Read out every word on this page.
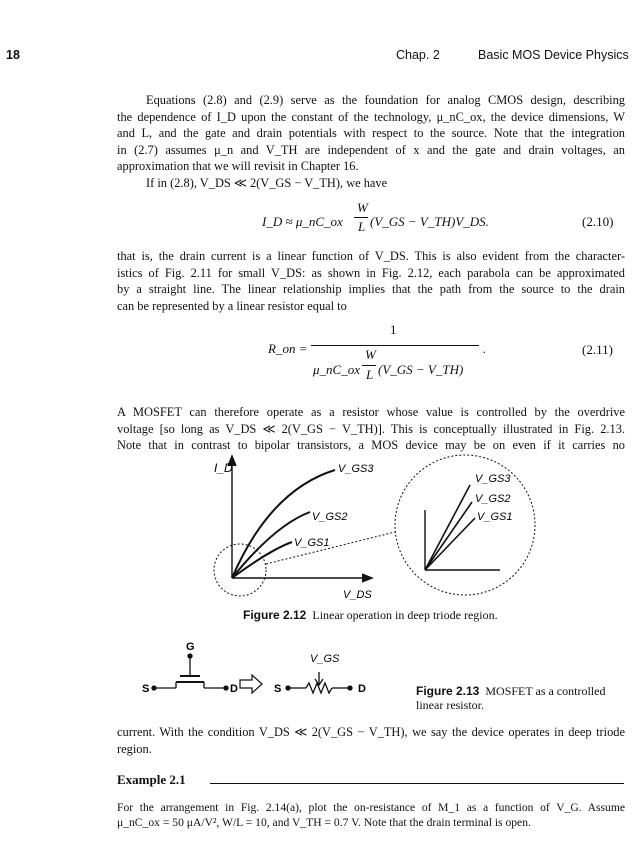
18	Chap. 2	Basic MOS Device Physics
Equations (2.8) and (2.9) serve as the foundation for analog CMOS design, describing
the dependence of I_D upon the constant of the technology, μ_nC_ox, the device dimensions, W
and L, and the gate and drain potentials with respect to the source. Note that the integration
in (2.7) assumes μ_n and V_TH are independent of x and the gate and drain voltages, an
approximation that we will revisit in Chapter 16.
If in (2.8), V_DS ≪ 2(V_GS − V_TH), we have
I_D ≈ μ_nC_ox
W
L (V_GS − V_TH)V_DS.	(2.10)
that is, the drain current is a linear function of V_DS. This is also evident from the character-
istics of Fig. 2.11 for small V_DS: as shown in Fig. 2.12, each parabola can be approximated
by a straight line. The linear relationship implies that the path from the source to the drain
can be represented by a linear resistor equal to
R_on =
1
μ_nC_ox
W
L (V_GS − V_TH)
.	(2.11)
A MOSFET can therefore operate as a resistor whose value is controlled by the overdrive
voltage [so long as V_DS ≪ 2(V_GS − V_TH)]. This is conceptually illustrated in Fig. 2.13.
Note that in contrast to bipolar transistors, a MOS device may be on even if it carries no
I_D
V_DS
V_GS3
V_GS2
V_GS1
V_GS3
V_GS2
V_GS1
Figure 2.12 Linear operation in deep triode region.
G
S	D
V_GS
S	D	Figure 2.13 MOSFET as a controlled
linear resistor.
current. With the condition V_DS ≪ 2(V_GS − V_TH), we say the device operates in deep triode
region.
Example 2.1
For the arrangement in Fig. 2.14(a), plot the on-resistance of M_1 as a function of V_G. Assume
μ_nC_ox = 50 μA/V², W/L = 10, and V_TH = 0.7 V. Note that the drain terminal is open.
